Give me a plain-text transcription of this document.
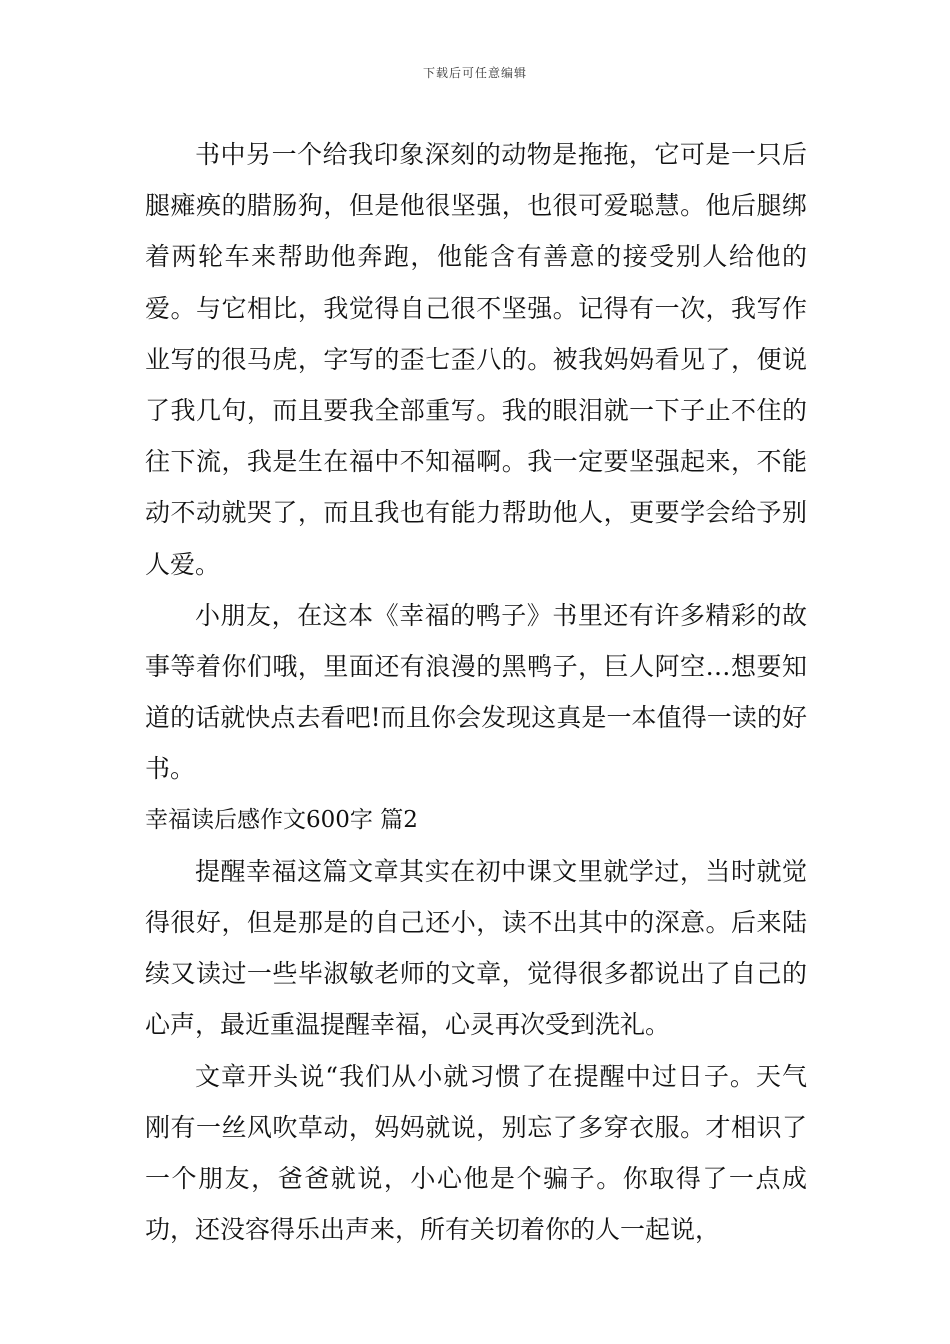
下载后可任意编辑

书中另一个给我印象深刻的动物是拖拖，它可是一只后腿瘫痪的腊肠狗，但是他很坚强，也很可爱聪慧。他后腿绑着两轮车来帮助他奔跑，他能含有善意的接受别人给他的爱。与它相比，我觉得自己很不坚强。记得有一次，我写作业写的很马虎，字写的歪七歪八的。被我妈妈看见了，便说了我几句，而且要我全部重写。我的眼泪就一下子止不住的往下流，我是生在福中不知福啊。我一定要坚强起来，不能动不动就哭了，而且我也有能力帮助他人，更要学会给予别人爱。

小朋友，在这本《幸福的鸭子》书里还有许多精彩的故事等着你们哦，里面还有浪漫的黑鸭子，巨人阿空…想要知道的话就快点去看吧!而且你会发现这真是一本值得一读的好书。

幸福读后感作文600字 篇2

提醒幸福这篇文章其实在初中课文里就学过，当时就觉得很好，但是那是的自己还小，读不出其中的深意。后来陆续又读过一些毕淑敏老师的文章，觉得很多都说出了自己的心声，最近重温提醒幸福，心灵再次受到洗礼。

文章开头说“我们从小就习惯了在提醒中过日子。天气刚有一丝风吹草动，妈妈就说，别忘了多穿衣服。才相识了一个朋友，爸爸就说，小心他是个骗子。你取得了一点成功，还没容得乐出声来，所有关切着你的人一起说，
